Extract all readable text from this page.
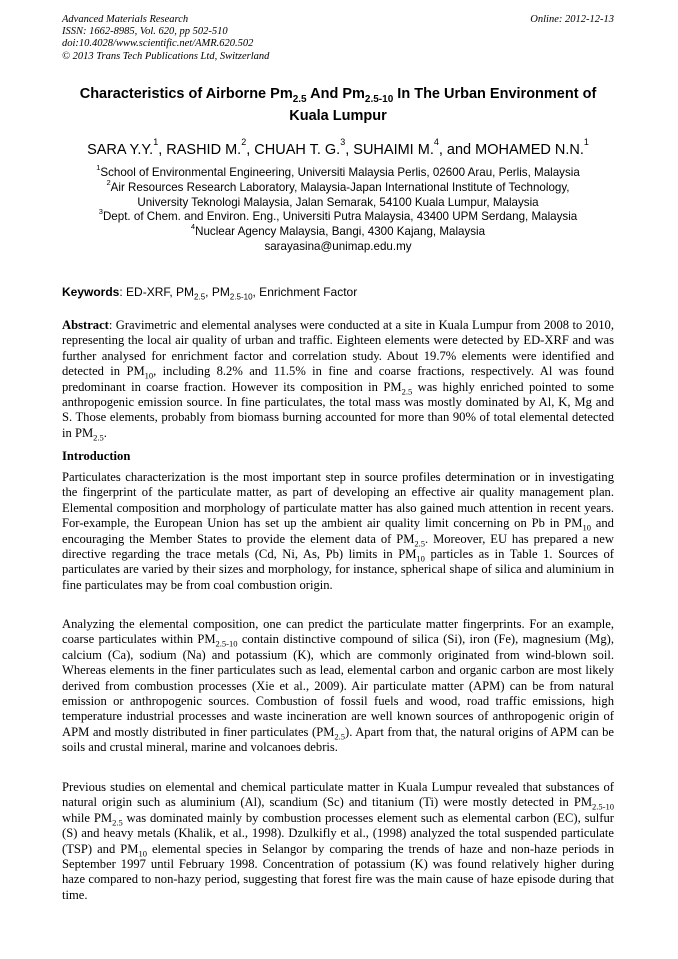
Advanced Materials Research
ISSN: 1662-8985, Vol. 620, pp 502-510
doi:10.4028/www.scientific.net/AMR.620.502
© 2013 Trans Tech Publications Ltd, Switzerland
Online: 2012-12-13
Characteristics of Airborne $Pm_{2.5}$ And $Pm_{2.5-10}$ In The Urban Environment of Kuala Lumpur
SARA Y.Y.$^1$, RASHID M.$^2$, CHUAH T. G.$^3$, SUHAIMI M.$^4$, and MOHAMED N.N.$^1$
$^1$School of Environmental Engineering, Universiti Malaysia Perlis, 02600 Arau, Perlis, Malaysia
$^2$Air Resources Research Laboratory, Malaysia-Japan International Institute of Technology,
University Teknologi Malaysia, Jalan Semarak, 54100 Kuala Lumpur, Malaysia
$^3$Dept. of Chem. and Environ. Eng., Universiti Putra Malaysia, 43400 UPM Serdang, Malaysia
$^4$Nuclear Agency Malaysia, Bangi, 4300 Kajang, Malaysia
sarayasina@unimap.edu.my
Keywords: ED-XRF, $PM_{2.5}$, $PM_{2.5-10}$, Enrichment Factor
Abstract: Gravimetric and elemental analyses were conducted at a site in Kuala Lumpur from 2008 to 2010, representing the local air quality of urban and traffic. Eighteen elements were detected by ED-XRF and was further analysed for enrichment factor and correlation study. About 19.7% elements were identified and detected in $PM_{10}$, including 8.2% and 11.5% in fine and coarse fractions, respectively. Al was found predominant in coarse fraction. However its composition in $PM_{2.5}$ was highly enriched pointed to some anthropogenic emission source. In fine particulates, the total mass was mostly dominated by Al, K, Mg and S. Those elements, probably from biomass burning accounted for more than 90% of total elemental detected in $PM_{2.5}$.
Introduction
Particulates characterization is the most important step in source profiles determination or in investigating the fingerprint of the particulate matter, as part of developing an effective air quality management plan. Elemental composition and morphology of particulate matter has also gained much attention in recent years. For-example, the European Union has set up the ambient air quality limit concerning on Pb in $PM_{10}$ and encouraging the Member States to provide the element data of $PM_{2.5}$. Moreover, EU has prepared a new directive regarding the trace metals (Cd, Ni, As, Pb) limits in $PM_{10}$ particles as in Table 1. Sources of particulates are varied by their sizes and morphology, for instance, spherical shape of silica and aluminium in fine particulates may be from coal combustion origin.
Analyzing the elemental composition, one can predict the particulate matter fingerprints. For an example, coarse particulates within $PM_{2.5-10}$ contain distinctive compound of silica (Si), iron (Fe), magnesium (Mg), calcium (Ca), sodium (Na) and potassium (K), which are commonly originated from wind-blown soil. Whereas elements in the finer particulates such as lead, elemental carbon and organic carbon are most likely derived from combustion processes (Xie et al., 2009). Air particulate matter (APM) can be from natural emission or anthropogenic sources. Combustion of fossil fuels and wood, road traffic emissions, high temperature industrial processes and waste incineration are well known sources of anthropogenic origin of APM and mostly distributed in finer particulates $(PM_{2.5})$. Apart from that, the natural origins of APM can be soils and crustal mineral, marine and volcanoes debris.
Previous studies on elemental and chemical particulate matter in Kuala Lumpur revealed that substances of natural origin such as aluminium (Al), scandium (Sc) and titanium (Ti) were mostly detected in $PM_{2.5-10}$ while $PM_{2.5}$ was dominated mainly by combustion processes element such as elemental carbon (EC), sulfur (S) and heavy metals (Khalik, et al., 1998). Dzulkifly et al., (1998) analyzed the total suspended particulate (TSP) and $PM_{10}$ elemental species in Selangor by comparing the trends of haze and non-haze periods in September 1997 until February 1998. Concentration of potassium (K) was found relatively higher during haze compared to non-hazy period, suggesting that forest fire was the main cause of haze episode during that time.
